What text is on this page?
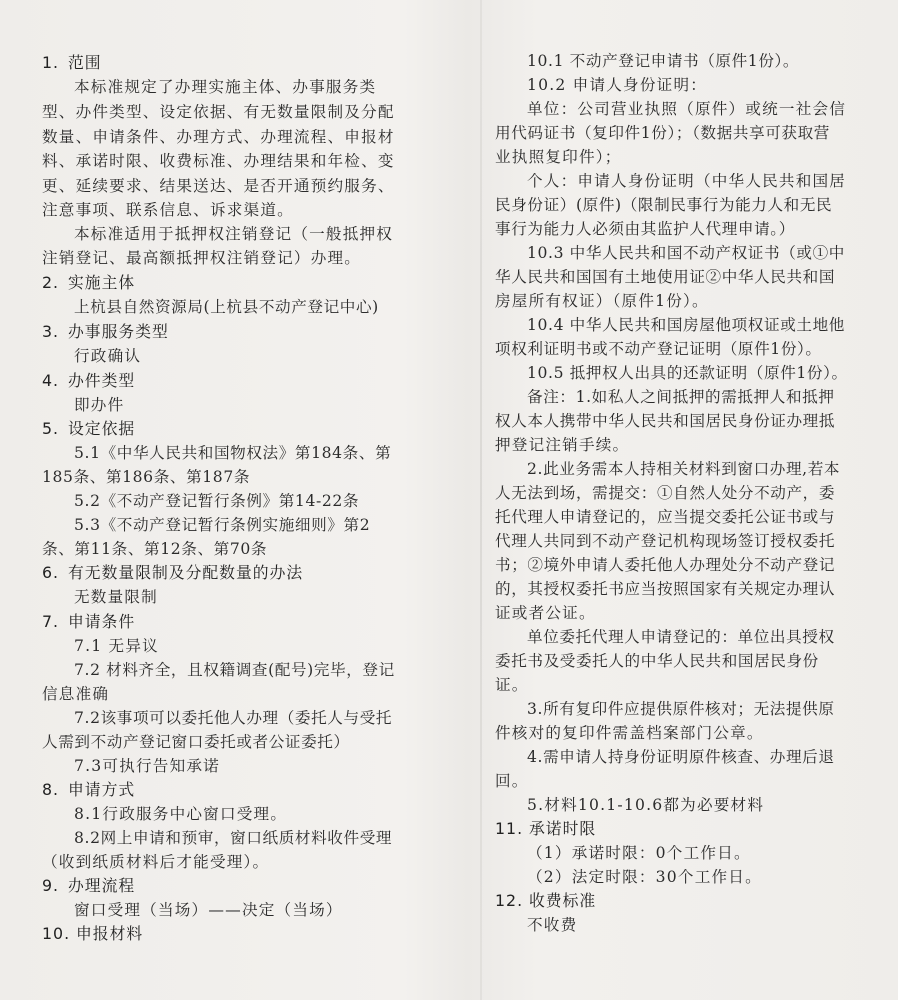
1. 范围
本标准规定了办理实施主体、办事服务类
型、办件类型、设定依据、有无数量限制及分配
数量、申请条件、办理方式、办理流程、申报材
料、承诺时限、收费标准、办理结果和年检、变
更、延续要求、结果送达、是否开通预约服务、
注意事项、联系信息、诉求渠道。
本标准适用于抵押权注销登记（一般抵押权
注销登记、最高额抵押权注销登记）办理。
2. 实施主体
上杭县自然资源局(上杭县不动产登记中心)
3. 办事服务类型
行政确认
4. 办件类型
即办件
5. 设定依据
5.1《中华人民共和国物权法》第184条、第
185条、第186条、第187条
5.2《不动产登记暂行条例》第14-22条
5.3《不动产登记暂行条例实施细则》第2
条、第11条、第12条、第70条
6. 有无数量限制及分配数量的办法
无数量限制
7. 申请条件
7.1 无异议
7.2 材料齐全，且权籍调查(配号)完毕，登记
信息准确
7.2该事项可以委托他人办理（委托人与受托
人需到不动产登记窗口委托或者公证委托）
7.3可执行告知承诺
8. 申请方式
8.1行政服务中心窗口受理。
8.2网上申请和预审，窗口纸质材料收件受理
（收到纸质材料后才能受理）。
9. 办理流程
窗口受理（当场）——决定（当场）
10. 申报材料
10.1 不动产登记申请书（原件1份）。
10.2 申请人身份证明：
单位：公司营业执照（原件）或统一社会信
用代码证书（复印件1份）；（数据共享可获取营
业执照复印件）；
个人：申请人身份证明（中华人民共和国居
民身份证）(原件)（限制民事行为能力人和无民
事行为能力人必须由其监护人代理申请。）
10.3 中华人民共和国不动产权证书（或①中
华人民共和国国有土地使用证②中华人民共和国
房屋所有权证）（原件1份）。
10.4 中华人民共和国房屋他项权证或土地他
项权利证明书或不动产登记证明（原件1份）。
10.5 抵押权人出具的还款证明（原件1份）。
备注：1.如私人之间抵押的需抵押人和抵押
权人本人携带中华人民共和国居民身份证办理抵
押登记注销手续。
2.此业务需本人持相关材料到窗口办理,若本
人无法到场，需提交：①自然人处分不动产，委
托代理人申请登记的，应当提交委托公证书或与
代理人共同到不动产登记机构现场签订授权委托
书；②境外申请人委托他人办理处分不动产登记
的，其授权委托书应当按照国家有关规定办理认
证或者公证。
单位委托代理人申请登记的：单位出具授权
委托书及受委托人的中华人民共和国居民身份
证。
3.所有复印件应提供原件核对；无法提供原
件核对的复印件需盖档案部门公章。
4.需申请人持身份证明原件核查、办理后退
回。
5.材料10.1-10.6都为必要材料
11. 承诺时限
（1）承诺时限：0个工作日。
（2）法定时限：30个工作日。
12. 收费标准
不收费
